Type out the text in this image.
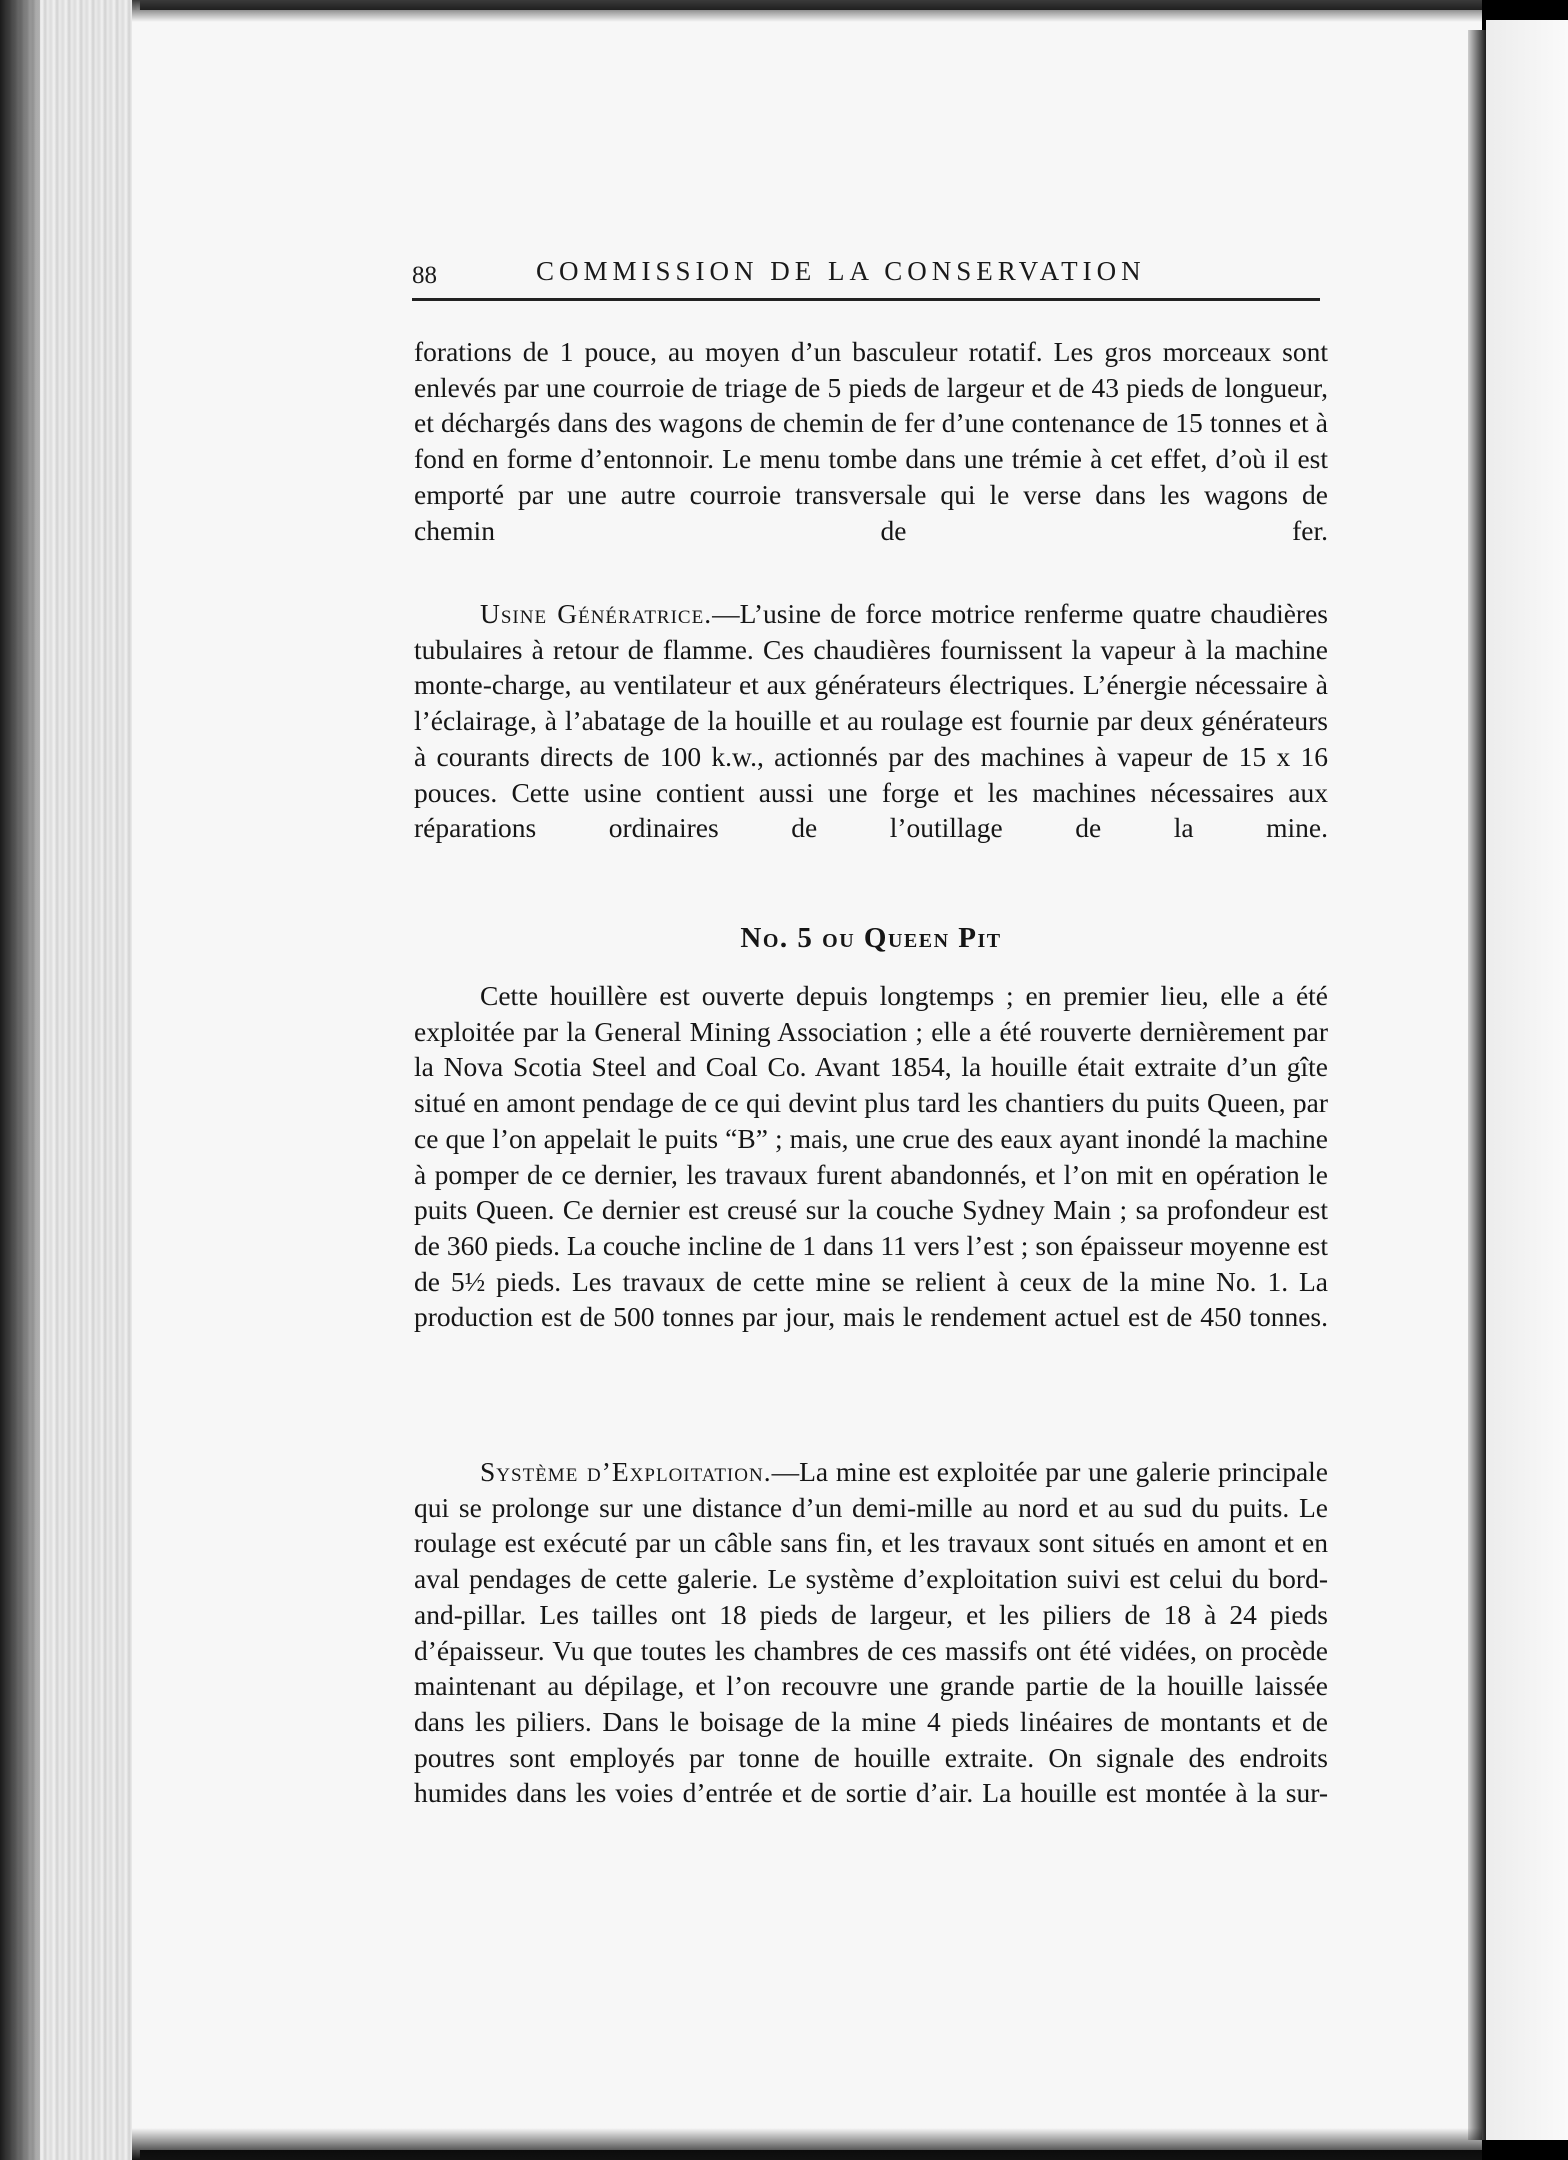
88	COMMISSION DE LA CONSERVATION

forations de 1 pouce, au moyen d’un basculeur rotatif. Les gros morceaux sont enlevés par une courroie de triage de 5 pieds de largeur et de 43 pieds de longueur, et déchargés dans des wagons de chemin de fer d’une contenance de 15 tonnes et à fond en forme d’entonnoir. Le menu tombe dans une trémie à cet effet, d’où il est emporté par une autre courroie transversale qui le verse dans les wagons de chemin de fer.

Usine Génératrice.—L’usine de force motrice renferme quatre chaudières tubulaires à retour de flamme. Ces chaudières fournissent la vapeur à la machine monte-charge, au ventilateur et aux générateurs électriques. L’énergie nécessaire à l’éclairage, à l’abatage de la houille et au roulage est fournie par deux générateurs à courants directs de 100 k.w., actionnés par des machines à vapeur de 15 x 16 pouces. Cette usine contient aussi une forge et les machines nécessaires aux réparations ordinaires de l’outillage de la mine.

No. 5 ou Queen Pit

Cette houillère est ouverte depuis longtemps ; en premier lieu, elle a été exploitée par la General Mining Association ; elle a été rouverte dernièrement par la Nova Scotia Steel and Coal Co. Avant 1854, la houille était extraite d’un gîte situé en amont pendage de ce qui devint plus tard les chantiers du puits Queen, par ce que l’on appelait le puits “B” ; mais, une crue des eaux ayant inondé la machine à pomper de ce dernier, les travaux furent abandonnés, et l’on mit en opération le puits Queen. Ce dernier est creusé sur la couche Sydney Main ; sa profondeur est de 360 pieds. La couche incline de 1 dans 11 vers l’est ; son épaisseur moyenne est de 5½ pieds. Les travaux de cette mine se relient à ceux de la mine No. 1. La production est de 500 tonnes par jour, mais le rendement actuel est de 450 tonnes.

Système d’Exploitation.—La mine est exploitée par une galerie principale qui se prolonge sur une distance d’un demi-mille au nord et au sud du puits. Le roulage est exécuté par un câble sans fin, et les travaux sont situés en amont et en aval pendages de cette galerie. Le système d’exploitation suivi est celui du bord-and-pillar. Les tailles ont 18 pieds de largeur, et les piliers de 18 à 24 pieds d’épaisseur. Vu que toutes les chambres de ces massifs ont été vidées, on procède maintenant au dépilage, et l’on recouvre une grande partie de la houille laissée dans les piliers. Dans le boisage de la mine 4 pieds linéaires de montants et de poutres sont employés par tonne de houille extraite. On signale des endroits humides dans les voies d’entrée et de sortie d’air. La houille est montée à la sur-
